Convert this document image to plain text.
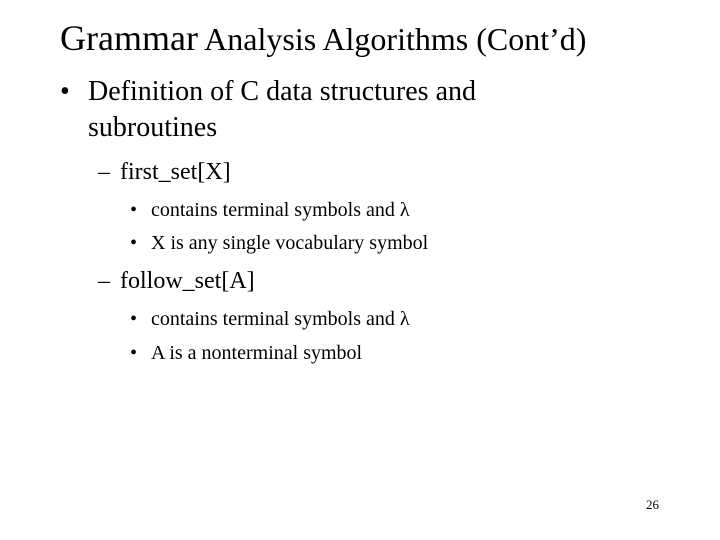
Grammar Analysis Algorithms (Cont’d)
• Definition of C data structures and subroutines
– first_set[X]
• contains terminal symbols and λ
• X is any single vocabulary symbol
– follow_set[A]
• contains terminal symbols and λ
• A is a nonterminal symbol
26
